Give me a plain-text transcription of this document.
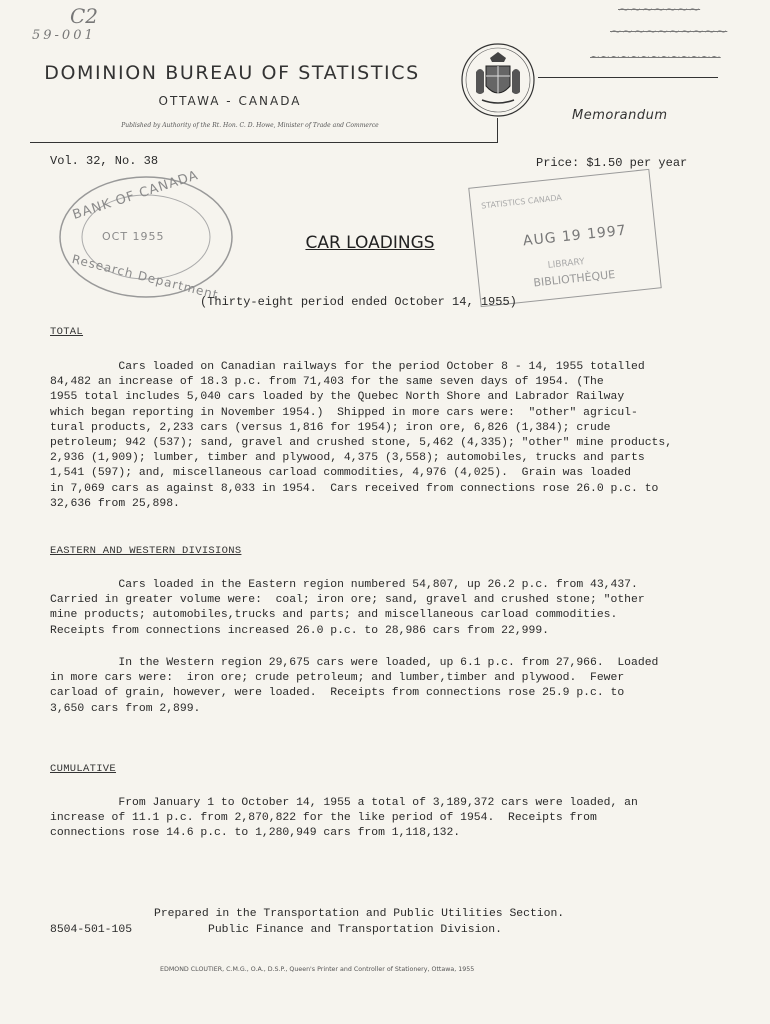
C2
59-001
~~~~~~~
~~~~~~~~~~
~~~~~~~~~~~~~
DOMINION BUREAU OF STATISTICS
OTTAWA - CANADA
Published by Authority of the Rt. Hon. C. D. Howe, Minister of Trade and Commerce
Memorandum
Vol. 32, No. 38	Price: $1.50 per year
BANK OF CANADA
OCT 1955
Research Department
STATISTICS CANADA
AUG 19 1997
LIBRARY
BIBLIOTHÈQUE
CAR LOADINGS
(Thirty-eight period ended October 14, 1955)
TOTAL
Cars loaded on Canadian railways for the period October 8 - 14, 1955 totalled
84,482 an increase of 18.3 p.c. from 71,403 for the same seven days of 1954. (The
1955 total includes 5,040 cars loaded by the Quebec North Shore and Labrador Railway
which began reporting in November 1954.)  Shipped in more cars were:  "other" agricul-
tural products, 2,233 cars (versus 1,816 for 1954); iron ore, 6,826 (1,384); crude
petroleum; 942 (537); sand, gravel and crushed stone, 5,462 (4,335); "other" mine products,
2,936 (1,909); lumber, timber and plywood, 4,375 (3,558); automobiles, trucks and parts
1,541 (597); and, miscellaneous carload commodities, 4,976 (4,025).  Grain was loaded
in 7,069 cars as against 8,033 in 1954.  Cars received from connections rose 26.0 p.c. to
32,636 from 25,898.
EASTERN AND WESTERN DIVISIONS
Cars loaded in the Eastern region numbered 54,807, up 26.2 p.c. from 43,437.
Carried in greater volume were:  coal; iron ore; sand, gravel and crushed stone; "other
mine products; automobiles,trucks and parts; and miscellaneous carload commodities.
Receipts from connections increased 26.0 p.c. to 28,986 cars from 22,999.
In the Western region 29,675 cars were loaded, up 6.1 p.c. from 27,966.  Loaded
in more cars were:  iron ore; crude petroleum; and lumber,timber and plywood.  Fewer
carload of grain, however, were loaded.  Receipts from connections rose 25.9 p.c. to
3,650 cars from 2,899.
CUMULATIVE
From January 1 to October 14, 1955 a total of 3,189,372 cars were loaded, an
increase of 11.1 p.c. from 2,870,822 for the like period of 1954.  Receipts from
connections rose 14.6 p.c. to 1,280,949 cars from 1,118,132.
Prepared in the Transportation and Public Utilities Section.
8504-501-105	Public Finance and Transportation Division.
EDMOND CLOUTIER, C.M.G., O.A., D.S.P., Queen's Printer and Controller of Stationery, Ottawa, 1955
